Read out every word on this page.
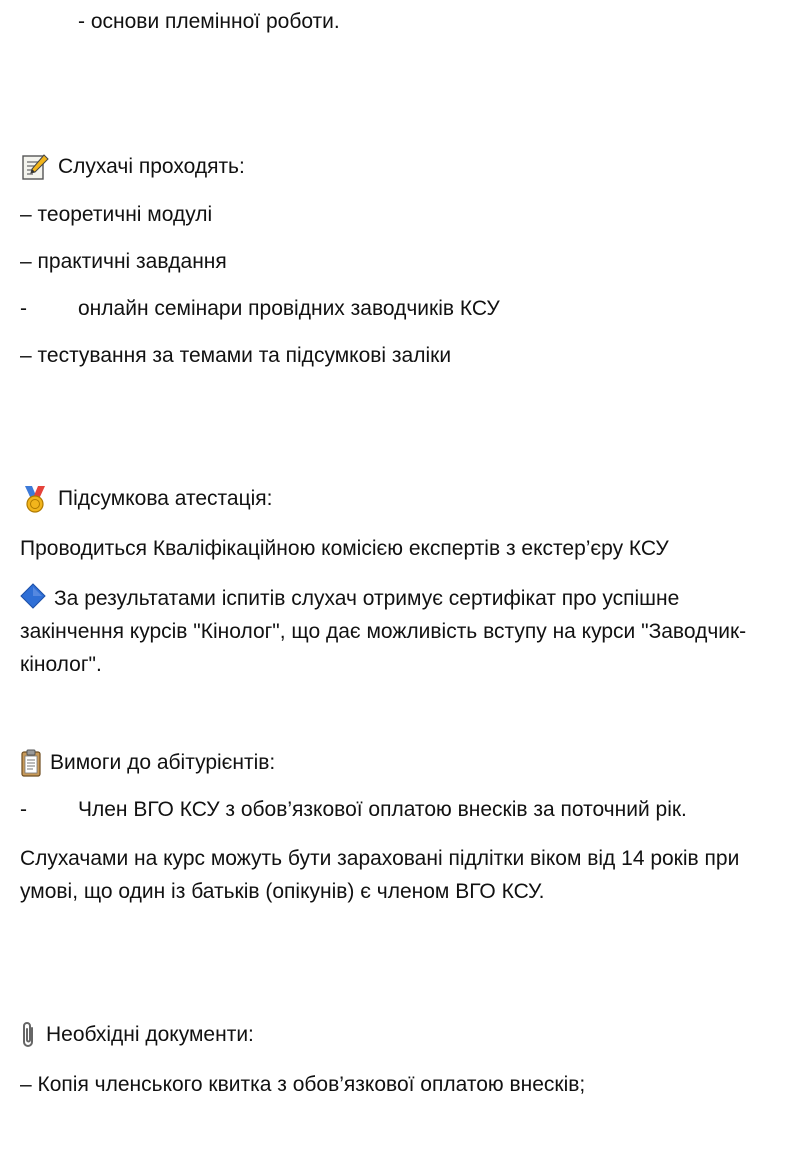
- основи племінної роботи.
Слухачі проходять:
– теоретичні модулі
– практичні завдання
-	онлайн семінари провідних заводчиків КСУ
– тестування за темами та підсумкові заліки
Підсумкова атестація:
Проводиться Кваліфікаційною комісією експертів з екстер’єру КСУ
За результатами іспитів слухач отримує сертифікат про успішне закінчення курсів "Кінолог", що дає можливість вступу на курси "Заводчик-кінолог".
Вимоги до абітурієнтів:
-	Член ВГО КСУ з обов’язкової оплатою внесків за поточний рік.
Слухачами на курс можуть бути зараховані підлітки віком від 14 років при умові, що один із батьків (опікунів) є членом ВГО КСУ.
Необхідні документи:
– Копія членського квитка з обов’язкової оплатою внесків;
